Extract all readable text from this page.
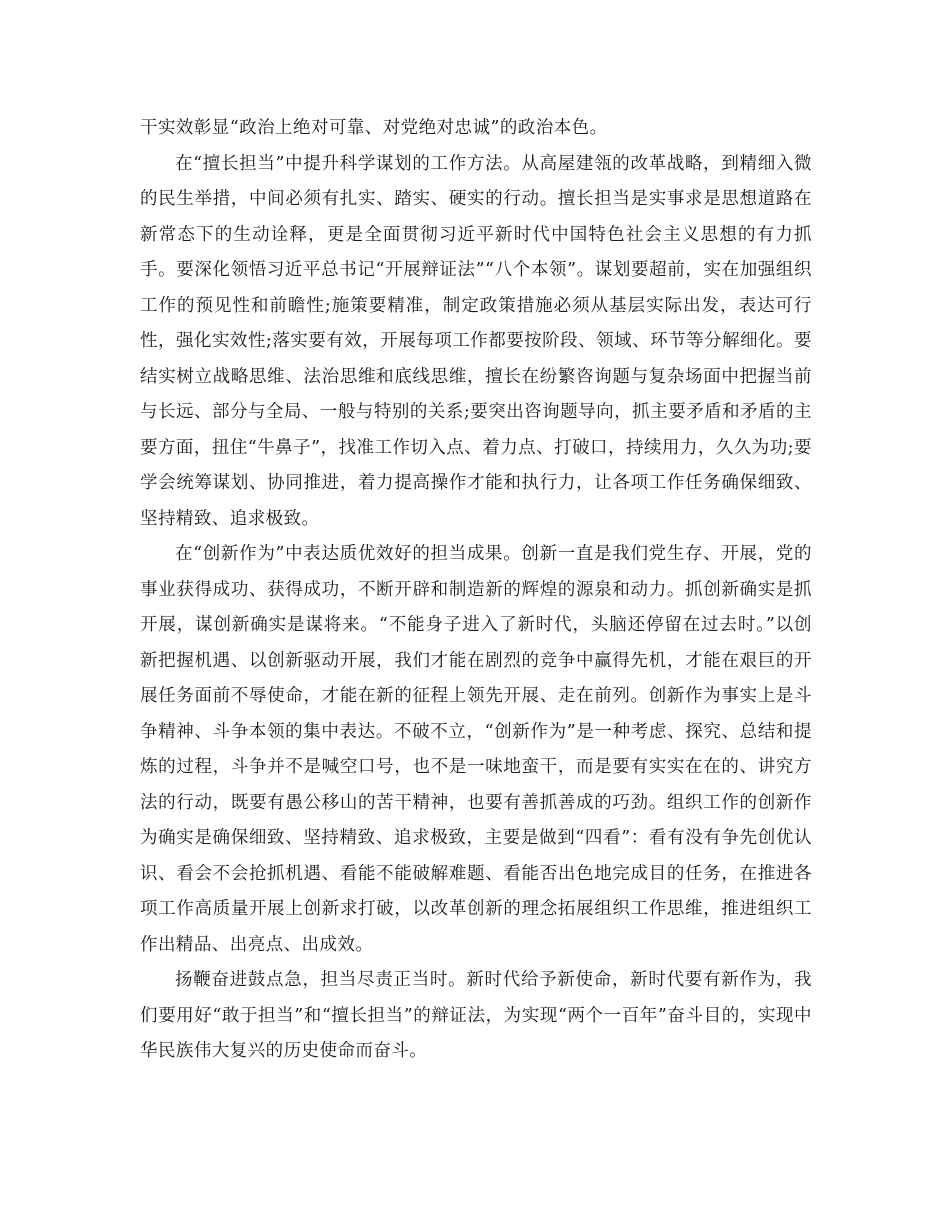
干实效彰显“政治上绝对可靠、对党绝对忠诚”的政治本色。

在“擅长担当”中提升科学谋划的工作方法。从高屋建瓴的改革战略，到精细入微的民生举措，中间必须有扎实、踏实、硬实的行动。擅长担当是实事求是思想道路在新常态下的生动诠释，更是全面贯彻习近平新时代中国特色社会主义思想的有力抓手。要深化领悟习近平总书记“开展辩证法”“八个本领”。谋划要超前，实在加强组织工作的预见性和前瞻性;施策要精准，制定政策措施必须从基层实际出发，表达可行性，强化实效性;落实要有效，开展每项工作都要按阶段、领域、环节等分解细化。要结实树立战略思维、法治思维和底线思维，擅长在纷繁咨询题与复杂场面中把握当前与长远、部分与全局、一般与特别的关系;要突出咨询题导向，抓主要矛盾和矛盾的主要方面，扭住“牛鼻子”，找准工作切入点、着力点、打破口，持续用力，久久为功;要学会统筹谋划、协同推进，着力提高操作才能和执行力，让各项工作任务确保细致、坚持精致、追求极致。

在“创新作为”中表达质优效好的担当成果。创新一直是我们党生存、开展，党的事业获得成功、获得成功，不断开辟和制造新的辉煌的源泉和动力。抓创新确实是抓开展，谋创新确实是谋将来。“不能身子进入了新时代，头脑还停留在过去时。”以创新把握机遇、以创新驱动开展，我们才能在剧烈的竞争中赢得先机，才能在艰巨的开展任务面前不辱使命，才能在新的征程上领先开展、走在前列。创新作为事实上是斗争精神、斗争本领的集中表达。不破不立，“创新作为”是一种考虑、探究、总结和提炼的过程，斗争并不是喊空口号，也不是一味地蛮干，而是要有实实在在的、讲究方法的行动，既要有愚公移山的苦干精神，也要有善抓善成的巧劲。组织工作的创新作为确实是确保细致、坚持精致、追求极致，主要是做到“四看”：看有没有争先创优认识、看会不会抢抓机遇、看能不能破解难题、看能否出色地完成目的任务，在推进各项工作高质量开展上创新求打破，以改革创新的理念拓展组织工作思维，推进组织工作出精品、出亮点、出成效。

扬鞭奋进鼓点急，担当尽责正当时。新时代给予新使命，新时代要有新作为，我们要用好“敢于担当”和“擅长担当”的辩证法，为实现“两个一百年”奋斗目的，实现中华民族伟大复兴的历史使命而奋斗。
